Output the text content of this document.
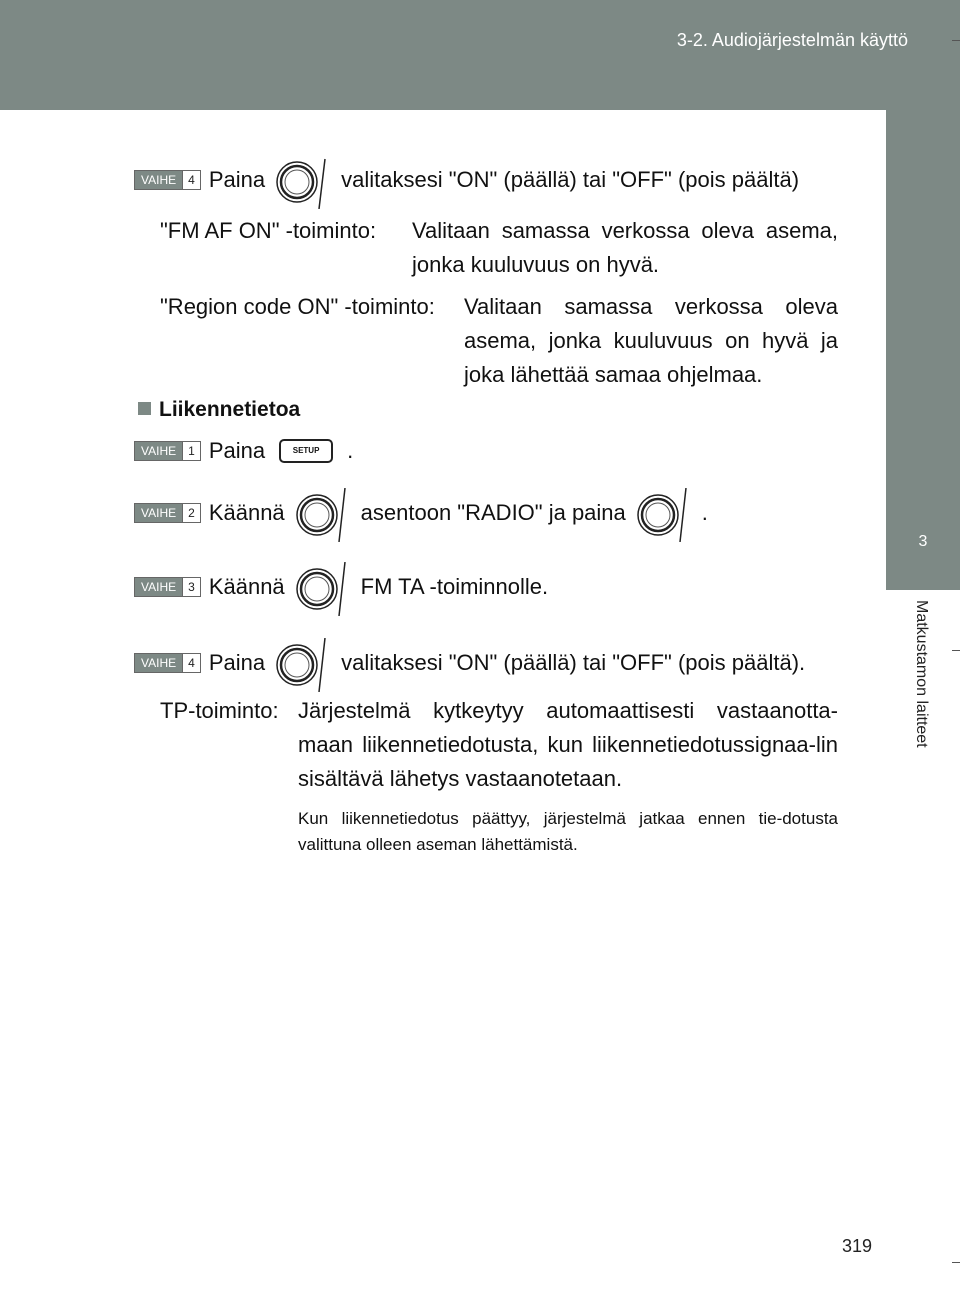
3-2. Audiojärjestelmän käyttö
3
Matkustamon laitteet
VAIHE	4 Paina	valitaksesi "ON" (päällä) tai "OFF" (pois päältä)
"FM AF ON" -toiminto: Valitaan samassa verkossa oleva asema, jonka kuuluvuus on hyvä.
"Region code ON" -toiminto: Valitaan samassa verkossa oleva asema, jonka kuuluvuus on hyvä ja joka lähettää samaa ohjelmaa.
Liikennetietoa
VAIHE	1 Paina	SETUP	.
VAIHE	2 Käännä	asentoon "RADIO" ja paina	.
VAIHE	3 Käännä	FM TA -toiminnolle.
VAIHE	4 Paina	valitaksesi "ON" (päällä) tai "OFF" (pois päältä).
TP-toiminto: Järjestelmä kytkeytyy automaattisesti vastaanotta-maan liikennetiedotusta, kun liikennetiedotussignaa-lin sisältävä lähetys vastaanotetaan.
Kun liikennetiedotus päättyy, järjestelmä jatkaa ennen tie-dotusta valittuna olleen aseman lähettämistä.
319
